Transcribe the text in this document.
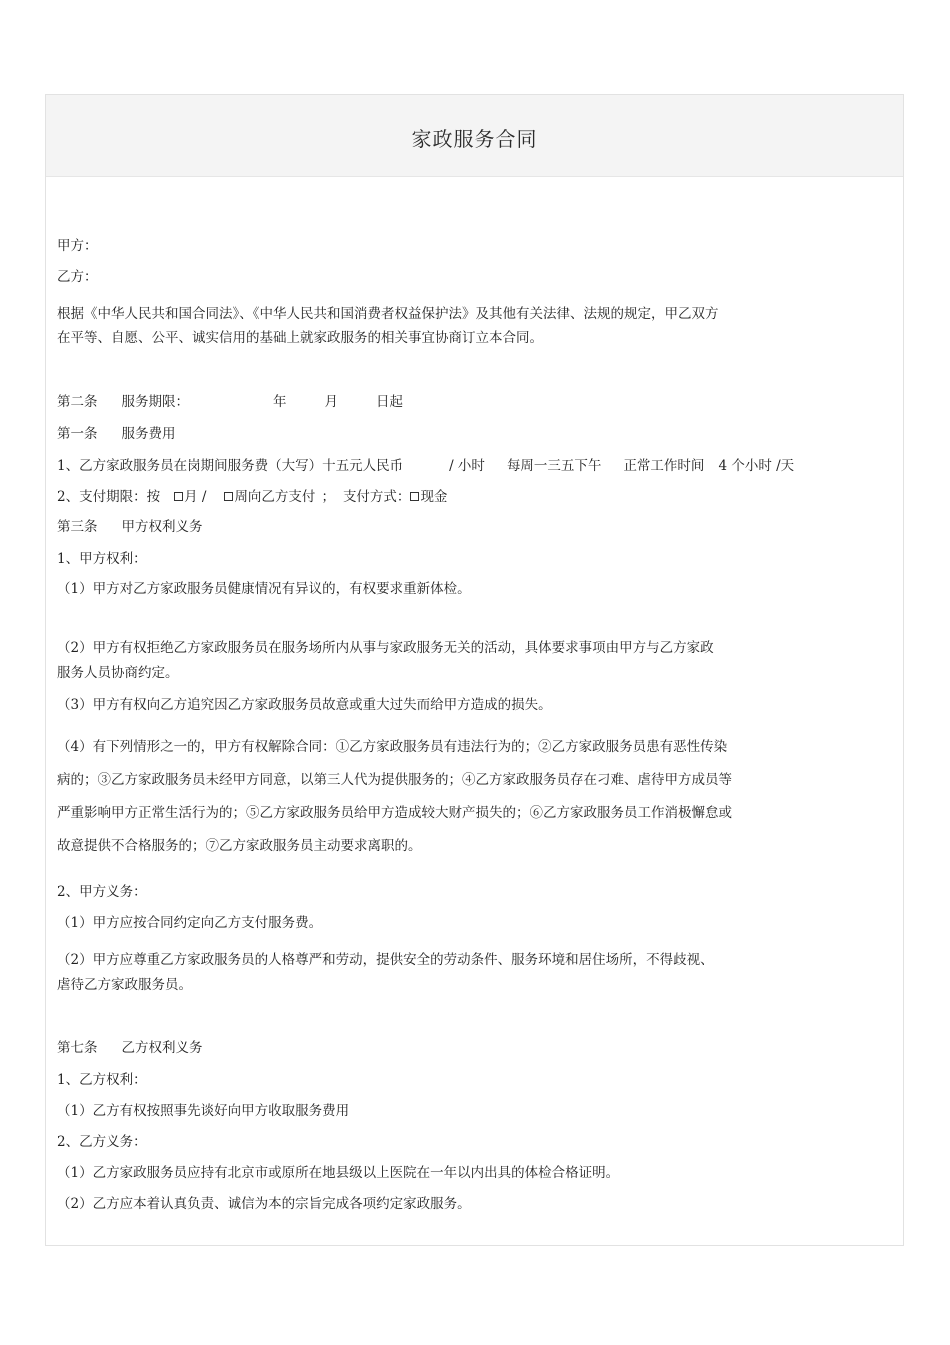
家政服务合同
甲方：
乙方：
根据《中华人民共和国合同法》、《中华人民共和国消费者权益保护法》及其他有关法律、法规的规定，甲乙双方
在平等、自愿、公平、诚实信用的基础上就家政服务的相关事宜协商订立本合同。
第二条 服务期限：	年	月	日起
第一条 服务费用
1、乙方家政服务员在岗期间服务费（大写）十五元人民币	/ 小时 每周一三五下午 正常工作时间 4 个小时 /天
2、支付期限：按 月 / 周向乙方支付 ； 支付方式： 现金
第三条 甲方权利义务
1、甲方权利：
（1）甲方对乙方家政服务员健康情况有异议的，有权要求重新体检。
（2）甲方有权拒绝乙方家政服务员在服务场所内从事与家政服务无关的活动，具体要求事项由甲方与乙方家政
服务人员协商约定。
（3）甲方有权向乙方追究因乙方家政服务员故意或重大过失而给甲方造成的损失。
（4）有下列情形之一的，甲方有权解除合同：①乙方家政服务员有违法行为的；②乙方家政服务员患有恶性传染
病的；③乙方家政服务员未经甲方同意，以第三人代为提供服务的；④乙方家政服务员存在刁难、虐待甲方成员等
严重影响甲方正常生活行为的；⑤乙方家政服务员给甲方造成较大财产损失的；⑥乙方家政服务员工作消极懈怠或
故意提供不合格服务的；⑦乙方家政服务员主动要求离职的。
2、甲方义务：
（1）甲方应按合同约定向乙方支付服务费。
（2）甲方应尊重乙方家政服务员的人格尊严和劳动，提供安全的劳动条件、服务环境和居住场所，不得歧视、
虐待乙方家政服务员。
第七条 乙方权利义务
1、乙方权利：
（1）乙方有权按照事先谈好向甲方收取服务费用
2、乙方义务：
（1）乙方家政服务员应持有北京市或原所在地县级以上医院在一年以内出具的体检合格证明。
（2）乙方应本着认真负责、诚信为本的宗旨完成各项约定家政服务。
